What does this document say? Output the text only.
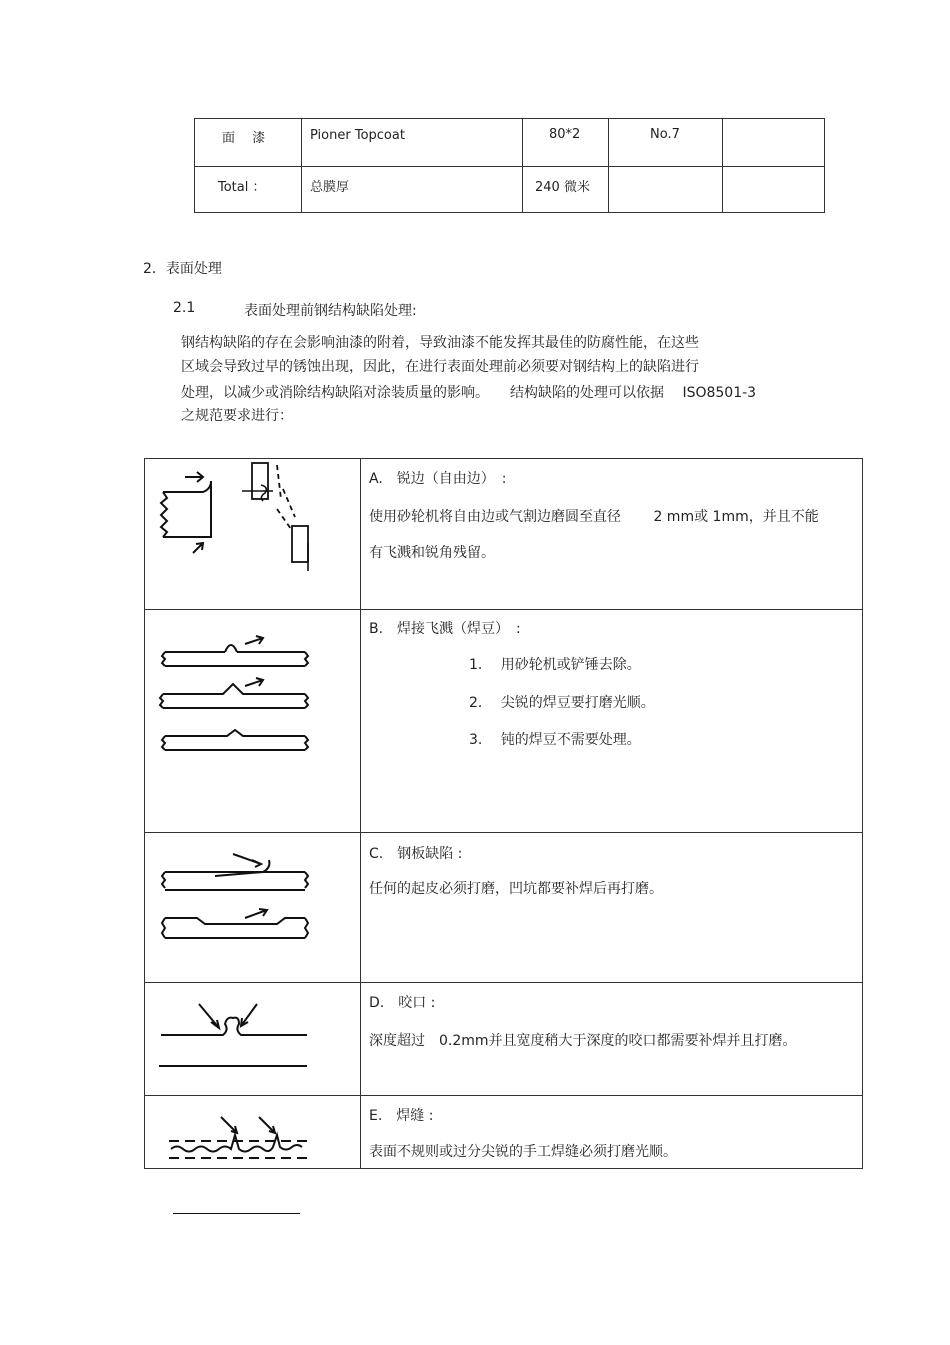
面　 漆	Pioner Topcoat	80*2	No.7	
Total ：	总膜厚	240 微米		
2．表面处理
2.1	表面处理前钢结构缺陷处理:
钢结构缺陷的存在会影响油漆的附着，导致油漆不能发挥其最佳的防腐性能，在这些
区域会导致过早的锈蚀出现，因此，在进行表面处理前必须要对钢结构上的缺陷进行
处理，以减少或消除结构缺陷对涂装质量的影响。　　结构缺陷的处理可以依据　 ISO8501-3
之规范要求进行：
A.　锐边（自由边）　:
使用砂轮机将自由边或气割边磨圆至直径　　 2 mm或 1mm，并且不能
有飞溅和锐角残留。
B.　焊接飞溅（焊豆）　:
1.　 用砂轮机或铲锤去除。
2.　 尖锐的焊豆要打磨光顺。
3.　 钝的焊豆不需要处理。
C.　钢板缺陷 :
任何的起皮必须打磨，凹坑都要补焊后再打磨。
D.　咬口 :
深度超过　0.2mm并且宽度稍大于深度的咬口都需要补焊并且打磨。
E.　焊缝 :
表面不规则或过分尖锐的手工焊缝必须打磨光顺。
